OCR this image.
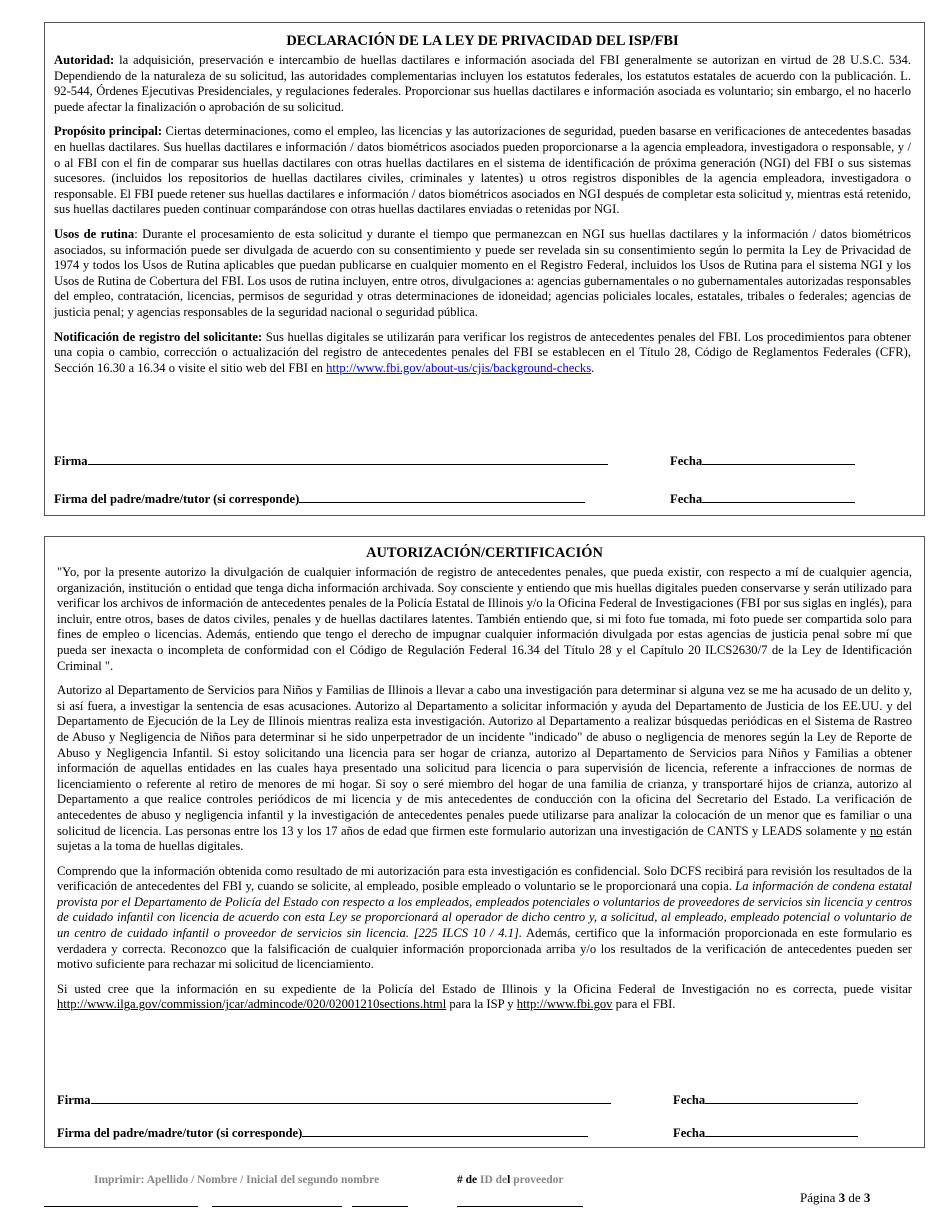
DECLARACIÓN DE LA LEY DE PRIVACIDAD DEL ISP/FBI

Autoridad: la adquisición, preservación e intercambio de huellas dactilares e información asociada del FBI generalmente se autorizan en virtud de 28 U.S.C. 534. Dependiendo de la naturaleza de su solicitud, las autoridades complementarias incluyen los estatutos federales, los estatutos estatales de acuerdo con la publicación. L. 92-544, Órdenes Ejecutivas Presidenciales, y regulaciones federales. Proporcionar sus huellas dactilares e información asociada es voluntario; sin embargo, el no hacerlo puede afectar la finalización o aprobación de su solicitud.

Propósito principal: Ciertas determinaciones, como el empleo, las licencias y las autorizaciones de seguridad, pueden basarse en verificaciones de antecedentes basadas en huellas dactilares. Sus huellas dactilares e información / datos biométricos asociados pueden proporcionarse a la agencia empleadora, investigadora o responsable, y / o al FBI con el fin de comparar sus huellas dactilares con otras huellas dactilares en el sistema de identificación de próxima generación (NGI) del FBI o sus sistemas sucesores. (incluidos los repositorios de huellas dactilares civiles, criminales y latentes) u otros registros disponibles de la agencia empleadora, investigadora o responsable. El FBI puede retener sus huellas dactilares e información / datos biométricos asociados en NGI después de completar esta solicitud y, mientras está retenido, sus huellas dactilares pueden continuar comparándose con otras huellas dactilares enviadas o retenidas por NGI.

Usos de rutina: Durante el procesamiento de esta solicitud y durante el tiempo que permanezcan en NGI sus huellas dactilares y la información / datos biométricos asociados, su información puede ser divulgada de acuerdo con su consentimiento y puede ser revelada sin su consentimiento según lo permita la Ley de Privacidad de 1974 y todos los Usos de Rutina aplicables que puedan publicarse en cualquier momento en el Registro Federal, incluidos los Usos de Rutina para el sistema NGI y los Usos de Rutina de Cobertura del FBI. Los usos de rutina incluyen, entre otros, divulgaciones a: agencias gubernamentales o no gubernamentales autorizadas responsables del empleo, contratación, licencias, permisos de seguridad y otras determinaciones de idoneidad; agencias policiales locales, estatales, tribales o federales; agencias de justicia penal; y agencias responsables de la seguridad nacional o seguridad pública.

Notificación de registro del solicitante: Sus huellas digitales se utilizarán para verificar los registros de antecedentes penales del FBI. Los procedimientos para obtener una copia o cambio, corrección o actualización del registro de antecedentes penales del FBI se establecen en el Título 28, Código de Reglamentos Federales (CFR), Sección 16.30 a 16.34 o visite el sitio web del FBI en http://www.fbi.gov/about-us/cjis/background-checks.

Firma	Fecha
Firma del padre/madre/tutor (si corresponde)	Fecha
AUTORIZACIÓN/CERTIFICACIÓN

"Yo, por la presente autorizo la divulgación de cualquier información de registro de antecedentes penales, que pueda existir, con respecto a mí de cualquier agencia, organización, institución o entidad que tenga dicha información archivada. Soy consciente y entiendo que mis huellas digitales pueden conservarse y serán utilizado para verificar los archivos de información de antecedentes penales de la Policía Estatal de Illinois y/o la Oficina Federal de Investigaciones (FBI por sus siglas en inglés), para incluir, entre otros, bases de datos civiles, penales y de huellas dactilares latentes. También entiendo que, si mi foto fue tomada, mi foto puede ser compartida solo para fines de empleo o licencias. Además, entiendo que tengo el derecho de impugnar cualquier información divulgada por estas agencias de justicia penal sobre mí que pueda ser inexacta o incompleta de conformidad con el Código de Regulación Federal 16.34 del Título 28 y el Capítulo 20 ILCS2630/7 de la Ley de Identificación Criminal ".

Autorizo al Departamento de Servicios para Niños y Familias de Illinois a llevar a cabo una investigación para determinar si alguna vez se me ha acusado de un delito y, si así fuera, a investigar la sentencia de esas acusaciones. Autorizo al Departamento a solicitar información y ayuda del Departamento de Justicia de los EE.UU. y del Departamento de Ejecución de la Ley de Illinois mientras realiza esta investigación. Autorizo al Departamento a realizar búsquedas periódicas en el Sistema de Rastreo de Abuso y Negligencia de Niños para determinar si he sido unperpetrador de un incidente "indicado" de abuso o negligencia de menores según la Ley de Reporte de Abuso y Negligencia Infantil. Si estoy solicitando una licencia para ser hogar de crianza, autorizo al Departamento de Servicios para Niños y Familias a obtener información de aquellas entidades en las cuales haya presentado una solicitud para licencia o para supervisión de licencia, referente a infracciones de normas de licenciamiento o referente al retiro de menores de mi hogar. Si soy o seré miembro del hogar de una familia de crianza, y transportaré hijos de crianza, autorizo al Departamento a que realice controles periódicos de mi licencia y de mis antecedentes de conducción con la oficina del Secretario del Estado. La verificación de antecedentes de abuso y negligencia infantil y la investigación de antecedentes penales puede utilizarse para analizar la colocación de un menor que es familiar o una solicitud de licencia. Las personas entre los 13 y los 17 años de edad que firmen este formulario autorizan una investigación de CANTS y LEADS solamente y no están sujetas a la toma de huellas digitales.

Comprendo que la información obtenida como resultado de mi autorización para esta investigación es confidencial. Solo DCFS recibirá para revisión los resultados de la verificación de antecedentes del FBI y, cuando se solicite, al empleado, posible empleado o voluntario se le proporcionará una copia. La información de condena estatal provista por el Departamento de Policía del Estado con respecto a los empleados, empleados potenciales o voluntarios de proveedores de servicios sin licencia y centros de cuidado infantil con licencia de acuerdo con esta Ley se proporcionará al operador de dicho centro y, a solicitud, al empleado, empleado potencial o voluntario de un centro de cuidado infantil o proveedor de servicios sin licencia. [225 ILCS 10 / 4.1]. Además, certifico que la información proporcionada en este formulario es verdadera y correcta. Reconozco que la falsificación de cualquier información proporcionada arriba y/o los resultados de la verificación de antecedentes pueden ser motivo suficiente para rechazar mi solicitud de licenciamiento.

Si usted cree que la información en su expediente de la Policía del Estado de Illinois y la Oficina Federal de Investigación no es correcta, puede visitar http://www.ilga.gov/commission/jcar/admincode/020/02001210sections.html para la ISP y http://www.fbi.gov para el FBI.

Firma	Fecha
Firma del padre/madre/tutor (si corresponde)	Fecha
Imprimir: Apellido / Nombre / Inicial del segundo nombre	# de ID del proveedor
Página 3 de 3
